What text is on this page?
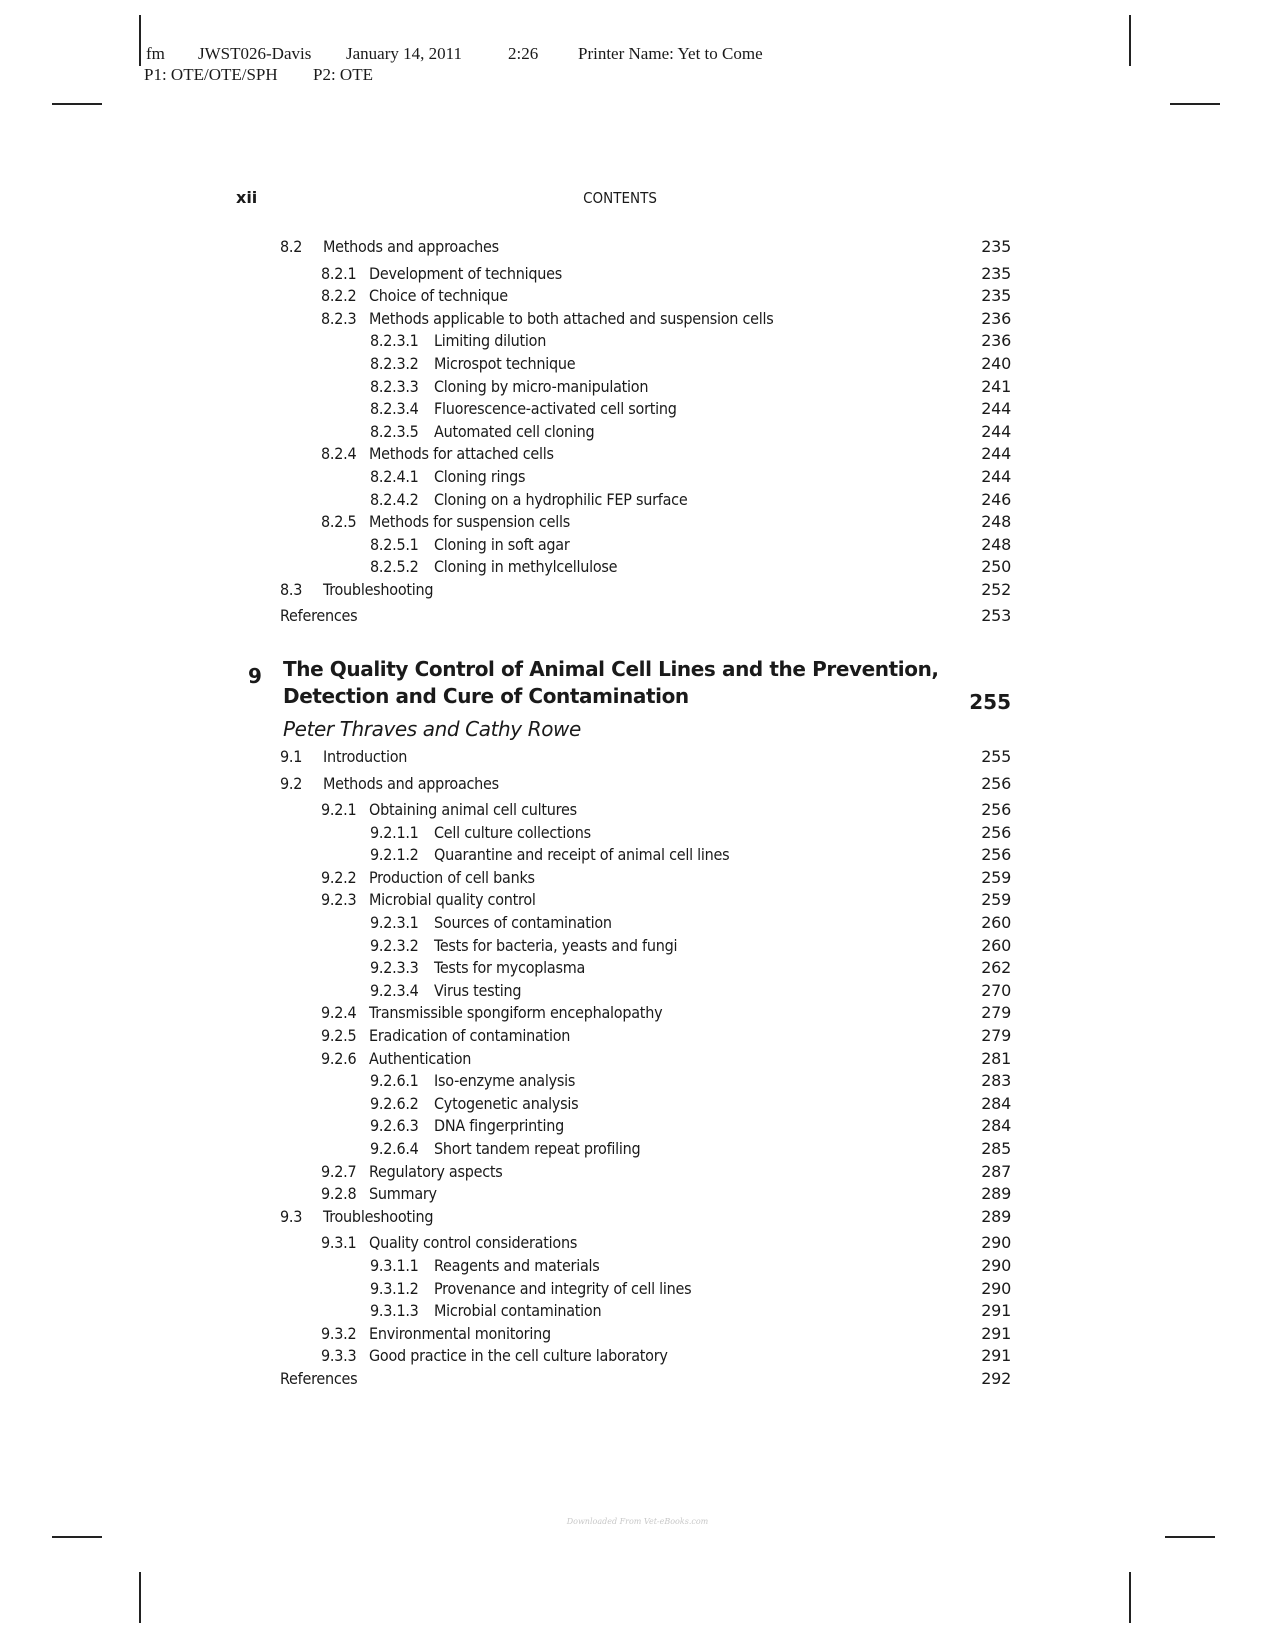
fm

JWST026-Davis

January 14, 2011

	2:26

Printer Name: Yet to Come

P1: OTE/OTE/SPH

P2: OTE

xii	CONTENTS
9 The Quality Control of Animal Cell Lines and the Prevention,
Detection and Cure of Contamination	255
Peter Thraves and Cathy Rowe
8.2 Methods and approaches	235
8.2.1 Development of techniques	235
8.2.2 Choice of technique	235
8.2.3 Methods applicable to both attached and suspension cells	236
8.2.3.1 Limiting dilution	236
8.2.3.2 Microspot technique	240
8.2.3.3 Cloning by micro-manipulation	241
8.2.3.4 Fluorescence-activated cell sorting	244
8.2.3.5 Automated cell cloning	244
8.2.4 Methods for attached cells	244
8.2.4.1 Cloning rings	244
8.2.4.2 Cloning on a hydrophilic FEP surface	246
8.2.5 Methods for suspension cells	248
8.2.5.1 Cloning in soft agar	248
8.2.5.2 Cloning in methylcellulose	250
8.3 Troubleshooting	252
References	253
9.1 Introduction	255
9.2 Methods and approaches	256
9.2.1 Obtaining animal cell cultures	256
9.2.1.1 Cell culture collections	256
9.2.1.2 Quarantine and receipt of animal cell lines	256
9.2.2 Production of cell banks	259
9.2.3 Microbial quality control	259
9.2.3.1 Sources of contamination	260
9.2.3.2 Tests for bacteria, yeasts and fungi	260
9.2.3.3 Tests for mycoplasma	262
9.2.3.4 Virus testing	270
9.2.4 Transmissible spongiform encephalopathy	279
9.2.5 Eradication of contamination	279
9.2.6 Authentication	281
9.2.6.1 Iso-enzyme analysis	283
9.2.6.2 Cytogenetic analysis	284
9.2.6.3 DNA fingerprinting	284
9.2.6.4 Short tandem repeat profiling	285
9.2.7 Regulatory aspects	287
9.2.8 Summary	289
9.3 Troubleshooting	289
9.3.1 Quality control considerations	290
9.3.1.1 Reagents and materials	290
9.3.1.2 Provenance and integrity of cell lines	290
9.3.1.3 Microbial contamination	291
9.3.2 Environmental monitoring	291
9.3.3 Good practice in the cell culture laboratory	291
References	292
Downloaded From Vet-eBooks.com
